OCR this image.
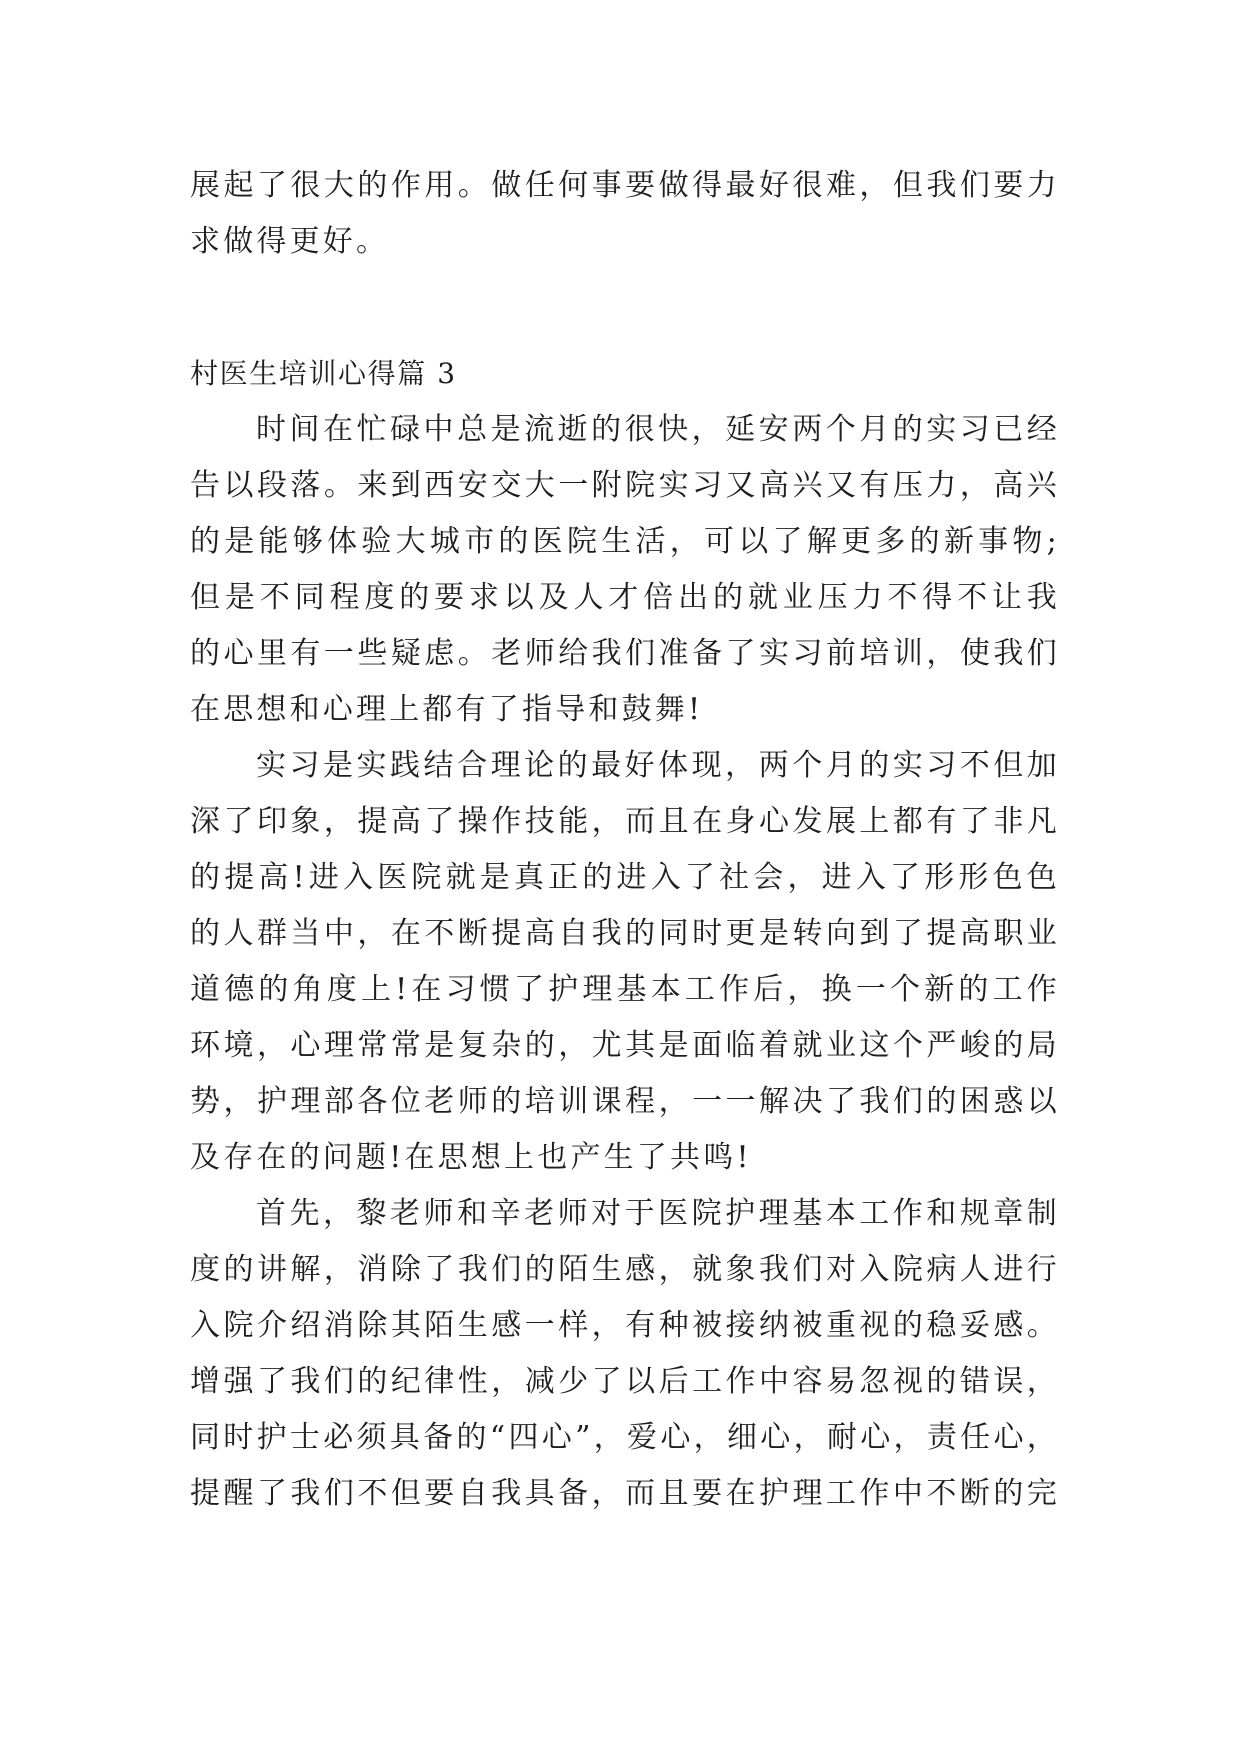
展起了很大的作用。做任何事要做得最好很难，但我们要力
求做得更好。
村医生培训心得篇 3
时间在忙碌中总是流逝的很快，延安两个月的实习已经
告以段落。来到西安交大一附院实习又高兴又有压力，高兴
的是能够体验大城市的医院生活，可以了解更多的新事物;
但是不同程度的要求以及人才倍出的就业压力不得不让我
的心里有一些疑虑。老师给我们准备了实习前培训，使我们
在思想和心理上都有了指导和鼓舞!
实习是实践结合理论的最好体现，两个月的实习不但加
深了印象，提高了操作技能，而且在身心发展上都有了非凡
的提高!进入医院就是真正的进入了社会，进入了形形色色
的人群当中，在不断提高自我的同时更是转向到了提高职业
道德的角度上!在习惯了护理基本工作后，换一个新的工作
环境，心理常常是复杂的，尤其是面临着就业这个严峻的局
势，护理部各位老师的培训课程，一一解决了我们的困惑以
及存在的问题!在思想上也产生了共鸣!
首先，黎老师和辛老师对于医院护理基本工作和规章制
度的讲解，消除了我们的陌生感，就象我们对入院病人进行
入院介绍消除其陌生感一样，有种被接纳被重视的稳妥感。
增强了我们的纪律性，减少了以后工作中容易忽视的错误，
同时护士必须具备的“四心”，爱心，细心，耐心，责任心，
提醒了我们不但要自我具备，而且要在护理工作中不断的完
